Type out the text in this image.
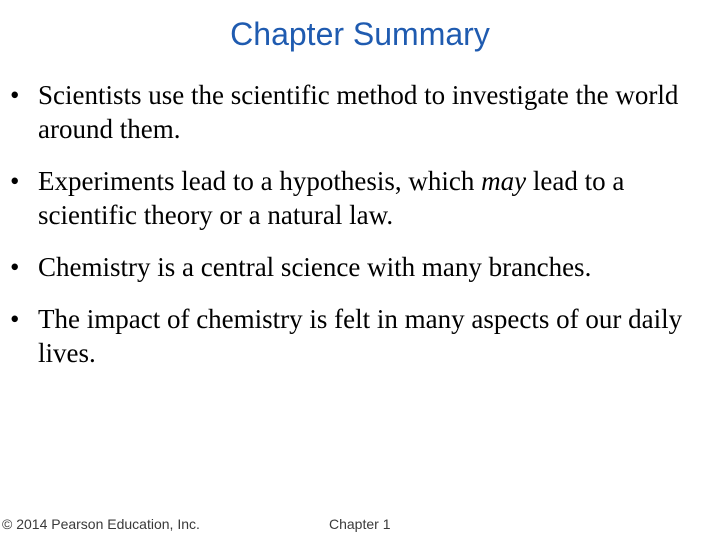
Chapter Summary
• Scientists use the scientific method to investigate the world around them.
• Experiments lead to a hypothesis, which may lead to a scientific theory or a natural law.
• Chemistry is a central science with many branches.
• The impact of chemistry is felt in many aspects of our daily lives.
© 2014 Pearson Education, Inc.	Chapter 1
